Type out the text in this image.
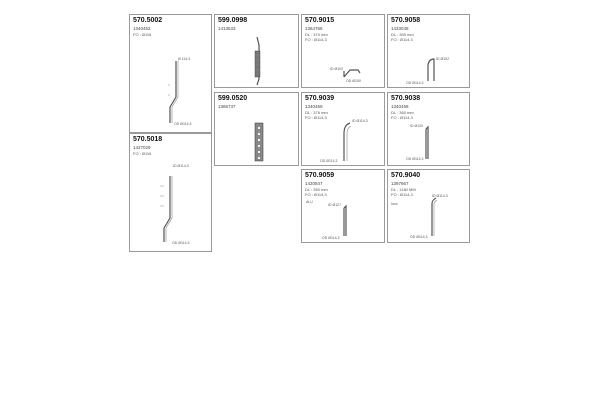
570.5002
1340452
FO : Ø116
Ø 114,3
OD Ø114,3
599.0998
1413533
570.9015
1364766
DL : 370 mm
FO : Ø114,3
ID Ø102
OD Ø100
570.9058
1433048
DL : 350 mm
FO : Ø114,3
ID Ø102
OD Ø114,3
570.5018
1427029
FO : Ø116
ID Ø114,3
OD Ø114,3
599.0520
1366737
570.9039
1340459
DL : 376 mm
FO : Ø114,3
ID Ø114,3
OD Ø114,3
570.9038
1340458
DL : 360 mm
FO : Ø114,3
ID Ø120
OD Ø114,3
570.9059
1420847
DL : 350 mm
FO : Ø114,3
ALU
ID Ø127
OD Ø114,3
570.9040
1397667
DL : 1180 MM
FO : Ø114,3
Inox
ID Ø114,3
OD Ø114,3
